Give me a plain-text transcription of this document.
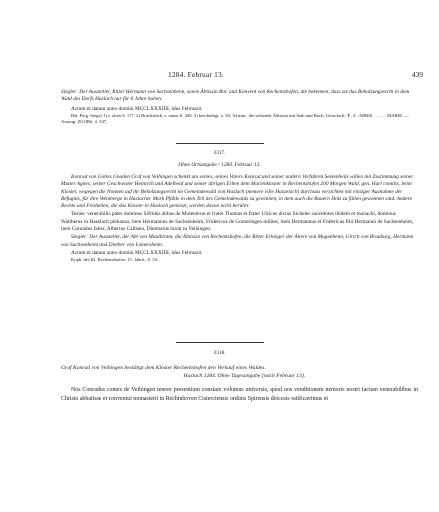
1284. Februar 13.	439

Siegler: Der Aussteller, Ritter Hermann von Sachsenheim, sowie Äbtissin Bor. und Konvent von Rechentshofen, die bekennen, dass sie das Beholzungsrecht in dem Wald des Dorfs Haslach nur für 6 Jahre haben.

Actum et datum anno domini MCCLXXXIIII, idus Februarii.

Bal. Perg. Siegel 1) s. oben S. 177. 2) Bruchstück, s. unten S. 440. 3) beschädigt, o. 50; 34 mm., die stehende Äbtissin mit Stab und Buch; Umschrift: ✝. S . ABBIS . . . . . . MARIE. — Auszug: ZGORh. 4. 347.

3317.
Ohne Ortsangabe.¹ 1284. Februar 13.

Konrad von Gottes Gnaden Graf von Veihingen schenkt um seines, seines Vaters Konrad und seiner andern Vorfahren Seelenheils willen mit Zustimmung seiner Mutter Agnes, seiner Geschwister Heinrich und Adelheid und seiner übrigen Erben dem Marienkloster in Rechentshofen 200 Morgen Wald, gen. Hart comitis, beim Kloster, wogegen die Nonnen auf ihr Beholzungsrecht im Gemeindewald von Haslach (nemore ville Haszelach) durchaus verzichten mit einziger Ausnahme der Befugnis, für ihre Weinberge in Haslacher Mark Pfähle in dem Teil des Gemeindewalds zu gewinnen, in dem auch die Bauern Holz zu fällen gewonnen sind. Andere Rechte und Freiheiten, die das Kloster in Haslach genieszt, werden davon nicht berührt.

Testes: venerabilis pater dominus Sifridus abbas de Mulenbrun et frater Thomas et frater Ulricus dictus Sicheler sacerdotes ibidem et monachi, dominus Waltherus in Haeslach plebanus, item Hermannus de Sachsenheim, Fridericus de Gomeringen milites, item Hermannus et Fridericus filii Hermanni de Sachsenheim, item Conradus faber, Albertus Caltisen, Dietmarus lurati in Veihingen.

Siegler: Der Aussteller, der Abt von Maulbronn, die Äbtissin von Rechentshofen, die Ritter Erkinger der Ältere von Magenheim, Ulrich von Brauburg, Hermann von Sachsenheim und Diether von Lomersheim.

Actum et datum anno domini MCCLXXXIIII, idus Februarii.

Kopb. des Kl. Rechentshofen, 15. Jahrh., S. 53.

3318.

Graf Konrad von Veihingen bestätigt dem Kloster Rechentshofen den Verkauf eines Waldes.

Haslach 1284. Ohne Tagesangabe [nach Februar 13].

Nos Conradus comes de Veihingen tenore presentium constare volumus universis, quod nos venditionem nemoris nostri factam venerabilibus in Christo abbatisse et conventui monasterii in Rechinhoven Cisterciensis ordinis Spirensis diocesis ratificavimus et
